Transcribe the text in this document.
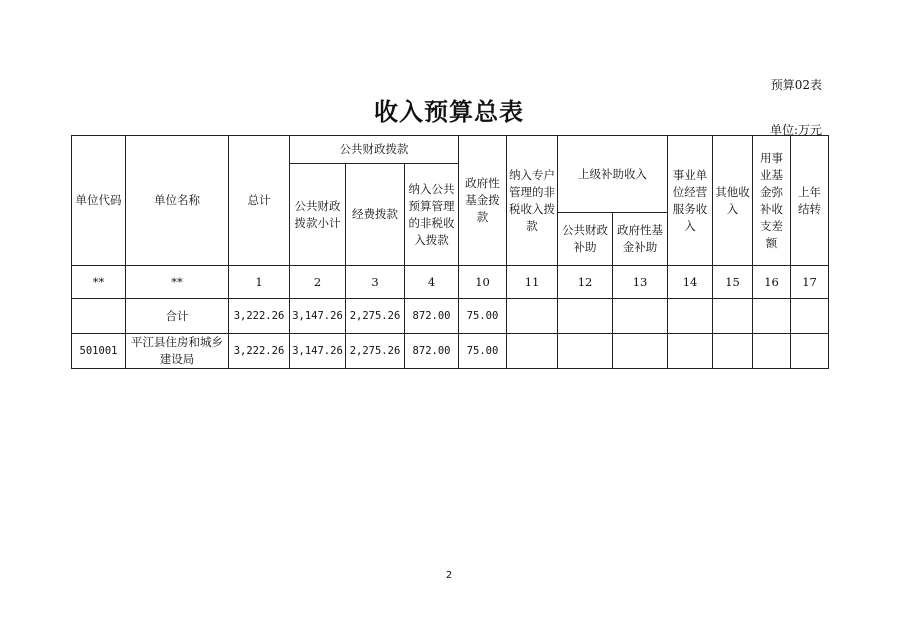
预算02表
收入预算总表
单位:万元
单位代码	单位名称	总计	公共财政拨款			政府性基金拨款	纳入专户管理的非税收入拨款	上级补助收入		事业单位经营服务收入	其他收入	用事业基金弥补收支差额	上年结转
			公共财政拨款小计	经费拨款	纳入公共预算管理的非税收入拨款								
								公共财政补助	政府性基金补助				
**	**	1	2	3	4	10	11	12	13	14	15	16	17
	合计	3,222.26	3,147.26	2,275.26	872.00	75.00							
501001	平江县住房和城乡建设局	3,222.26	3,147.26	2,275.26	872.00	75.00							
2
